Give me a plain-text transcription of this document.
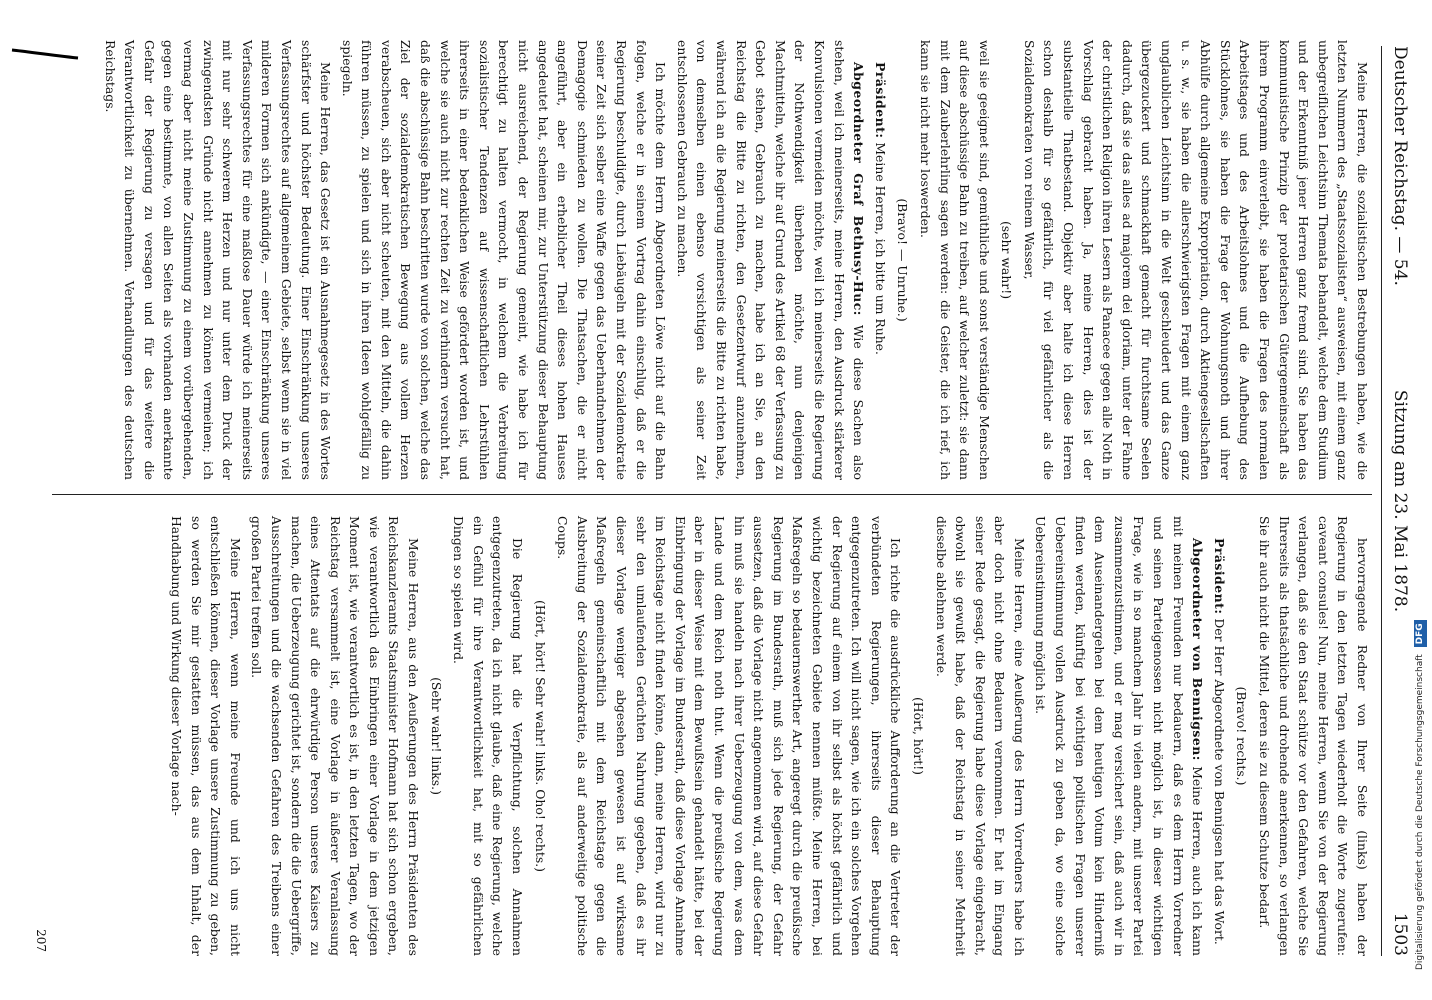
Deutscher Reichstag. — 54.
Sitzung am 23. Mai 1878.
1503

Meine Herren, die sozialistischen Bestrebungen haben, wie die letzten Nummern des „Staatssozialisten“ ausweisen, mit einem ganz unbegreiflichen Leichtsinn Themata behandelt, welche dem Studium und der Erkenntniß jener Herren ganz fremd sind. Sie haben das kommunistische Prinzip der proletarischen Gütergemeinschaft als ihrem Programm einverleibt, sie haben die Fragen des normalen Arbeitstages und des Arbeitslohnes und die Aufhebung des Stücklohnes, sie haben die Frage der Wohnungsnoth und ihrer Abhülfe durch allgemeine Expropriation, durch Aktiengesellschaften u. s. w., sie haben die allerschwierigsten Fragen mit einem ganz unglaublichen Leichtsinn in die Welt geschleudert und das Ganze übergezuckert und schmackhaft gemacht für furchtsame Seelen dadurch, daß sie das alles ad majorem dei gloriam, unter der Fahne der christlichen Religion ihren Lesern als Panacee gegen alle Noth in Vorschlag gebracht haben. Ja, meine Herren, dies ist der substantielle Thatbestand. Objektiv aber halte ich diese Herren schon deshalb für so gefährlich, für viel gefährlicher als die Sozialdemokraten von reinem Wasser,

(sehr wahr!)

weil sie geeignet sind, gemüthliche und sonst verständige Menschen auf diese abschüssige Bahn zu treiben, auf welcher zuletzt: sie dann mit dem Zauberlehrling sagen werden: die Geister, die ich rief, ich kann sie nicht mehr loswerden.

(Bravo! — Unruhe.)

Präsident: Meine Herren, ich bitte um Ruhe.

Abgeordneter Graf Bethusy-Huc: Wie diese Sachen also stehen, weil ich meinerseits, meine Herren, den Ausdruck stärkerer Konvulsionen vermeiden möchte, weil ich meinerseits die Regierung der Nothwendigkeit überheben möchte, nun denjenigen Machtmitteln, welche ihr auf Grund des Artikel 68 der Verfassung zu Gebot stehen, Gebrauch zu machen, habe ich an Sie, an den Reichstag die Bitte zu richten, den Gesetzentwurf anzunehmen, während ich an die Regierung meinerseits die Bitte zu richten habe, von demselben einen ebenso vorsichtigen als seiner Zeit entschlossenen Gebrauch zu machen.

Ich möchte dem Herrn Abgeordneten Löwe nicht auf die Bahn folgen, welche er in seinem Vortrag dahin einschlug, daß er die Regierung beschuldigte, durch Liebäugeln mit der Sozialdemokratie seiner Zeit sich selber eine Waffe gegen das Ueberhandnehmen der Demagogie schmieden zu wollen. Die Thatsachen, die er nicht angeführt, aber ein erheblicher Theil dieses hohen Hauses angedeutet hat, scheinen mir, zur Unterstützung dieser Behauptung nicht ausreichend, der Regierung gemeint, wie habe ich für berechtigt zu halten vermocht, in welchem die Verbreitung sozialistischer Tendenzen auf wissenschaftlichen Lehrstühlen ihrerseits in einer bedenklichen Weise gefördert worden ist, und welche sie auch nicht zur rechten Zeit zu verhindern versucht hat, daß die abschüssige Bahn beschritten wurde von solchen, welche das Ziel der sozialdemokratischen Bewegung aus vollem Herzen verabscheuen, sich aber nicht scheuten, mit den Mitteln, die dahin führen müssen, zu spielen und sich in ihren Ideen wohlgefällig zu spiegeln.

Meine Herren, das Gesetz ist ein Ausnahmegesetz in des Wortes schärfster und höchster Bedeutung. Einer Einschränkung unseres Verfassungsrechtes auf allgemeinem Gebiete, selbst wenn sie in viel milderen Formen sich ankündigte, — einer Einschränkung unseres Verfassungsrechtes für eine maßlose Dauer würde ich meinerseits mit nur sehr schwerem Herzen und nur unter dem Druck der zwingendsten Gründe nicht annehmen zu können vermeinen; ich vermag aber nicht meine Zustimmung zu einem vorübergehenden, gegen eine bestimmte, von allen Seiten als vorhanden anerkannte Gefahr der Regierung zu versagen und für das weitere die Verantwortlichkeit zu übernehmen. Verhandlungen des deutschen Reichstags.

hervorragende Redner von Ihrer Seite (links) haben der Regierung in den letzten Tagen wiederholt die Worte zugerufen: caveant consules! Nun, meine Herren, wenn Sie von der Regierung verlangen, daß sie den Staat schütze vor den Gefahren, welche Sie Ihrerseits als thatsächliche und drohende anerkennen, so verlangen Sie ihr auch nicht die Mittel, deren sie zu diesem Schutze bedarf.

(Bravo! rechts.)

Präsident: Der Herr Abgeordnete von Bennigsen hat das Wort.

Abgeordneter von Bennigsen: Meine Herren, auch ich kann mit meinen Freunden nur bedauern, daß es dem Herrn Vorredner und seinen Parteigenossen nicht möglich ist, in dieser wichtigen Frage, wie in so manchem Jahr in vielen andern, mit unserer Partei zusammenzustimmen, und er mag versichert sein, daß auch wir in dem Auseinandergehen bei dem heutigen Votum kein Hinderniß finden werden, künftig bei wichtigen politischen Fragen unserer Uebereinstimmung vollen Ausdruck zu geben da, wo eine solche Uebereinstimmung möglich ist.

Meine Herren, eine Aeußerung des Herrn Vorredners habe ich aber doch nicht ohne Bedauern vernommen. Er hat im Eingang seiner Rede gesagt, die Regierung habe diese Vorlage eingebracht, obwohl sie gewußt habe, daß der Reichstag in seiner Mehrheit dieselbe ablehnen werde.

(Hört, hört!)

Ich richte die ausdrückliche Aufforderung an die Vertreter der verbündeten Regierungen, ihrerseits dieser Behauptung entgegenzutreten. Ich will nicht sagen, wie ich ein solches Vorgehen der Regierung auf einem von ihr selbst als höchst gefährlich und wichtig bezeichneten Gebiete nennen müßte. Meine Herren, bei Maßregeln so bedauernswerther Art, angeregt durch die preußische Regierung im Bundesrath, muß sich jede Regierung, der Gefahr aussetzen, daß die Vorlage nicht angenommen wird, auf diese Gefahr hin muß sie handeln nach ihrer Ueberzeugung von dem, was dem Lande und dem Reich noth thut. Wenn die preußische Regierung aber in dieser Weise mit dem Bewußtsein gehandelt hätte, bei der Einbringung der Vorlage im Bundesrath, daß diese Vorlage Annahme im Reichstage nicht finden könne, dann, meine Herren, wird nur zu sehr den umlaufenden Gerüchten Nahrung gegeben, daß es ihr dieser Vorlage weniger abgesehen gewesen ist auf wirksame Maßregeln gemeinschaftlich mit dem Reichstage gegen die Ausbreitung der Sozialdemokratie, als auf anderweitige politische Coups.

(Hört, hört! Sehr wahr! links. Oho! rechts.)

Die Regierung hat die Verpflichtung, solchen Annahmen entgegenzutreten, da ich nicht glaube, daß eine Regierung, welche ein Gefühl für ihre Verantwortlichkeit hat, mit so gefährlichen Dingen so spielen wird.

(Sehr wahr! links.)

Meine Herren, aus den Aeußerungen des Herrn Präsidenten des Reichskanzleramts Staatsminister Hofmann hat sich schon ergeben, wie verantwortlich das Einbringen einer Vorlage in dem jetzigen Moment ist, wie verantwortlich es ist, in den letzten Tagen, wo der Reichstag versammelt ist, eine Vorlage in äußerer Veranlassung eines Attentats auf die ehrwürdige Person unseres Kaisers zu machen, die Ueberzeugung gerichtet ist, sondern die die Uebergriffe, Ausschreitungen und die wachsenden Gefahren des Treibens einer großen Partei treffen soll.

Meine Herren, wenn meine Freunde und ich uns nicht entschließen können, dieser Vorlage unsere Zustimmung zu geben, so werden Sie mir gestatten müssen, das aus dem Inhalt, der Handhabung und Wirkung dieser Vorlage nach-

207	Digitalisierung gefördert durch die Deutsche Forschungsgemeinschaft DFG
